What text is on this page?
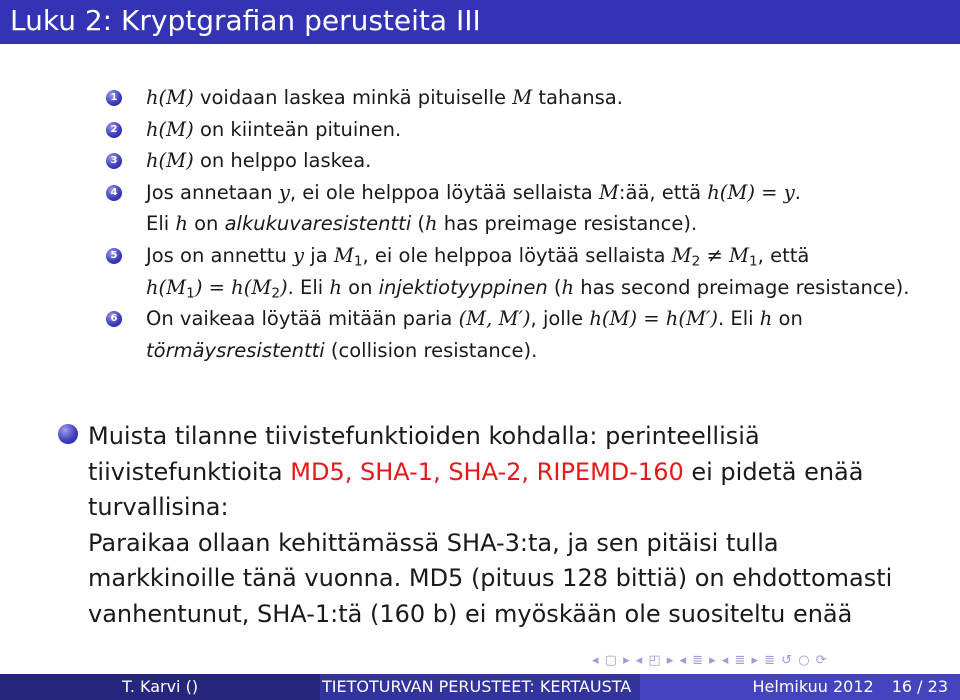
Luku 2: Kryptgrafian perusteita III
1 h(M) voidaan laskea minkä pituiselle M tahansa.
2 h(M) on kiinteän pituinen.
3 h(M) on helppo laskea.
4 Jos annetaan y, ei ole helppoa löytää sellaista M:ää, että h(M) = y.
Eli h on alkukuvaresistentti (h has preimage resistance).
5 Jos on annettu y ja $M_1$, ei ole helppoa löytää sellaista $M_2 \ne M_1$, että
$h(M_1) = h(M_2)$. Eli h on injektiotyyppinen (h has second preimage resistance).
6 On vaikeaa löytää mitään paria (M, M′), jolle h(M) = h(M′). Eli h on
törmäysresistentti (collision resistance).
Muista tilanne tiivistefunktioiden kohdalla: perinteellisiä tiivistefunktioita MD5, SHA-1, SHA-2, RIPEMD-160 ei pidetä enää turvallisina:
Paraikaa ollaan kehittämässä SHA-3:ta, ja sen pitäisi tulla markkinoille tänä vuonna. MD5 (pituus 128 bittiä) on ehdottomasti vanhentunut, SHA-1:tä (160 b) ei myöskään ole suositeltu enää
◂ ▢ ▸ ◂ ◰ ▸ ◂ ≣ ▸ ◂ ≣ ▸ ≣ ↺ ○ ⟳
T. Karvi ()	TIETOTURVAN PERUSTEET: KERTAUSTA	Helmikuu 2012 16 / 23
